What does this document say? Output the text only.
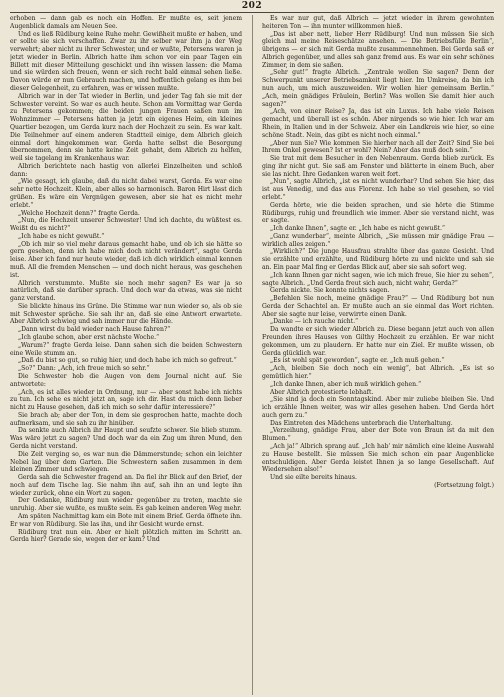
202

erhoben — dann gab es noch ein Hoffen. Er mußte es, seit jenem Augenblick damals am Neuen See.

Und es ließ Rüdiburg keine Ruhe mehr. Gewißheit mußte er haben, und er sollte sie sich verschaffen. Zwar zu ihr selber war ihm ja der Weg verwehrt; aber nicht zu ihrer Schwester, und er wußte, Petersens waren ja jetzt wieder in Berlin. Albrich hatte ihm schon vor ein paar Tagen ein Billett mit dieser Mitteilung geschickt und ihn wissen lassen: die Mama und sie würden sich freuen, wenn er sich recht bald einmal sehen ließe. Davon würde er nun Gebrauch machen, und hoffentlich gelang es ihm bei dieser Gelegenheit, zu erfahren, was er wissen mußte.

Albrich war in der Tat wieder in Berlin, und jeder Tag fah sie mit der Schwester vereint. So war es auch heute. Schon am Vormittag war Gerda zu Petersens gekommen; die beiden jungen Frauen saßen nun im Wohnzimmer — Petersens hatten ja jetzt ein eigenes Heim, ein kleines Quartier bezogen, um Gerda kurz nach der Hochzeit zu sein. Es war kalt. Die Teilnehmer auf einem anderen Stadtteil einige, dem Albrich gleich einmal dort hingekommen war. Gerda hatte selbst die Besorgung übernommen, denn sie hatte keine Zeit gehabt, dem Albrich zu helfen, weil sie tagelang im Krankenhaus war.

Albrich berichtete nach hastig von allerlei Einzelheiten und schloß dann:

„Wie gesagt, ich glaube, daß du nicht dabei warst, Gerda. Es war eine sehr nette Hochzeit. Klein, aber alles so harmonisch. Baron Hirt lässt dich grüßen. Es wäre ein Vergnügen gewesen, aber sie hat es nicht mehr erlebt.“

„Welche Hochzeit denn?“ fragte Gerda.

„Nun, die Hochzeit unserer Schwester! Und ich dachte, du wüßtest es. Weißt du es nicht?“

„Ich habe es nicht gewußt.“

„Ob ich mir so viel mehr daraus gemacht habe, und ob ich sie hätte so gern gesehen, denn ich habe mich doch nicht verändert“, sagte Gerda leise. Aber ich fand nur heute wieder, daß ich dich wirklich einmal kennen muß. All die fremden Menschen — und doch nicht heraus, was geschehen ist.

Albrich verstummte. Mußte sie noch mehr sagen? Es war ja so natürlich, daß sie darüber sprach. Und doch war da etwas, was sie nicht ganz verstand.

Sie blickte hinaus ins Grüne. Die Stimme war nun wieder so, als ob sie mit Schwester spräche. Sie sah ihr an, daß sie eine Antwort erwartete. Aber Albrich schwieg und sah immer nur die Hände.

„Dann wirst du bald wieder nach Hause fahren?“

„Ich glaube schon, aber erst nächste Woche.“

„Warum?“ fragte Gerda leise. Dann sahen sich die beiden Schwestern eine Weile stumm an.

„Daß du bist so gut, so ruhig hier, und doch habe ich mich so gefreut.“

„So?“ Dann: „Ach, ich freue mich so sehr.“

Die Schwester hob die Augen von dem Journal nicht auf. Sie antwortete:

„Ach, es ist alles wieder in Ordnung, nur — aber sonst habe ich nichts zu tun. Ich sehe es nicht jetzt an, sage ich dir. Hast du mich denn lieber nicht zu Hause gesehen, daß ich mich so sehr dafür interessiere?“

Sie brach ab; aber der Ton, in dem sie gesprochen hatte, machte doch aufmerksam, und sie sah zu ihr hinüber.

Da senkte auch Albrich ihr Haupt und seufzte schwer. Sie blieb stumm. Was wäre jetzt zu sagen? Und doch war da ein Zug um ihren Mund, den Gerda nicht verstand.

Die Zeit verging so, es war nun die Dämmerstunde; schon ein leichter Nebel lag über dem Garten. Die Schwestern saßen zusammen in dem kleinen Zimmer und schwiegen.

Gerda sah die Schwester fragend an. Da fiel ihr Blick auf den Brief, der noch auf dem Tische lag. Sie nahm ihn auf, sah ihn an und legte ihn wieder zurück, ohne ein Wort zu sagen.

Der Gedanke, Rüdiburg nun wieder gegenüber zu treten, machte sie unruhig. Aber sie wußte, es mußte sein. Es gab keinen anderen Weg mehr.

Am späten Nachmittag kam ein Bote mit einem Brief. Gerda öffnete ihn. Er war von Rüdiburg. Sie las ihn, und ihr Gesicht wurde ernst.

Rüdiburg trat nun ein. Aber er hielt plötzlich mitten im Schritt an. Gerda hier? Gerade sie, wegen der er kam? Und

Es war nur gut, daß Albrich — jetzt wieder in ihrem gewohnten heiteren Ton — ihn munter willkommen hieß.

„Das ist aber nett, lieber Herr Rüdiburg! Und nun müssen Sie sich gleich mal meine Reiseschätze ansehen. — Die Betriebsfülle Berlin“, übrigens — er sich mit Gerda mußte zusammennehmen. Bei Gerda saß er Albrich gegenüber, und alles sah ganz fremd aus. Es war ein sehr schönes Zimmer, in dem sie saßen.

„Sehr gut!“ fragte Albrich. „Zentrale wollen Sie sagen? Denn der Schwerpunkt unserer Betriebsamkeit liegt hier. Im Umkreise, da bin ich nun auch, um mich auszuweiden. Wir wollen hier gemeinsam Berlin.“ „Ach, mein gnädiges Fräulein, Berlin? Was wollen Sie damit hier auch sagen?“

„Ach, von einer Reise? Ja, das ist ein Luxus. Ich habe viele Reisen gemacht, und überall ist es schön. Aber nirgends so wie hier. Ich war am Rhein, in Italien und in der Schweiz. Aber ein Landkreis wie hier, so eine schöne Stadt. Nein, das gibt es nicht noch einmal.“

„Aber nun Sie? Wie kommen Sie hierher nach all der Zeit? Sind Sie bei Ihrem Onkel gewesen? Ist er wohl? Nein? Aber das muß doch sein.“

Sie trat mit dem Besucher in den Nebenraum. Gerda blieb zurück. Es ging ihr nicht gut. Sie saß am Fenster und blätterte in einem Buch, aber sie las nicht. Ihre Gedanken waren weit fort.

„Nun“, sagte Albrich, „ist es nicht wunderbar? Und sehen Sie hier, das ist aus Venedig, und das aus Florenz. Ich habe so viel gesehen, so viel erlebt.“

Gerda hörte, wie die beiden sprachen, und sie hörte die Stimme Rüdiburgs, ruhig und freundlich wie immer. Aber sie verstand nicht, was er sagte.

„Ich danke Ihnen“, sagte er. „Ich habe es nicht gewußt.“

„Ganz wunderbar“, meinte Albrich, „Sie müssen mir gnädige Frau — wirklich alles zeigen.“

„Wirklich?“ Die junge Hausfrau strahlte über das ganze Gesicht. Und sie erzählte und erzählte, und Rüdiburg hörte zu und nickte und sah sie an. Ein paar Mal fing er Gerdas Blick auf, aber sie sah sofort weg.

„Ich kann Ihnen gar nicht sagen, wie ich mich freue, Sie hier zu sehen“, sagte Albrich. „Und Gerda freut sich auch, nicht wahr, Gerda?“

Gerda nickte. Sie konnte nichts sagen.

„Befehlen Sie noch, meine gnädige Frau?“ — Und Rüdiburg bot nun Gerda der Schachtel an. Er mußte auch an sie einmal das Wort richten. Aber sie sagte nur leise, verwirrte einen Dank.

„Danke — ich rauche nicht.“

Da wandte er sich wieder Albrich zu. Diese begann jetzt auch von allen Freunden ihres Hauses von Gilthy Hochzeit zu erzählen. Er war nicht gekommen, um zu plaudern. Er hatte nur ein Ziel. Er mußte wissen, ob Gerda glücklich war.

„Es ist wohl spät geworden“, sagte er. „Ich muß gehen.“

„Ach, bleiben Sie doch noch ein wenig“, bat Albrich. „Es ist so gemütlich hier.“

„Ich danke Ihnen, aber ich muß wirklich gehen.“

Aber Albrich protestierte lebhaft.

„Sie sind ja doch ein Sonntagskind. Aber mir zuliebe bleiben Sie. Und ich erzähle Ihnen weiter, was wir alles gesehen haben. Und Gerda hört auch gern zu.“

Das Eintreten des Mädchens unterbrach die Unterhaltung.

„Verzeihung, gnädige Frau, aber der Bote von Braun ist da mit den Blumen.“

„Ach ja!“ Albrich sprang auf. „Ich hab' mir nämlich eine kleine Auswahl zu Hause bestellt. Sie müssen Sie mich schon ein paar Augenblicke entschuldigen. Aber Gerda leistet Ihnen ja so lange Gesellschaft. Auf Wiedersehen also!“

Und sie eilte bereits hinaus.

(Fortsetzung folgt.)
